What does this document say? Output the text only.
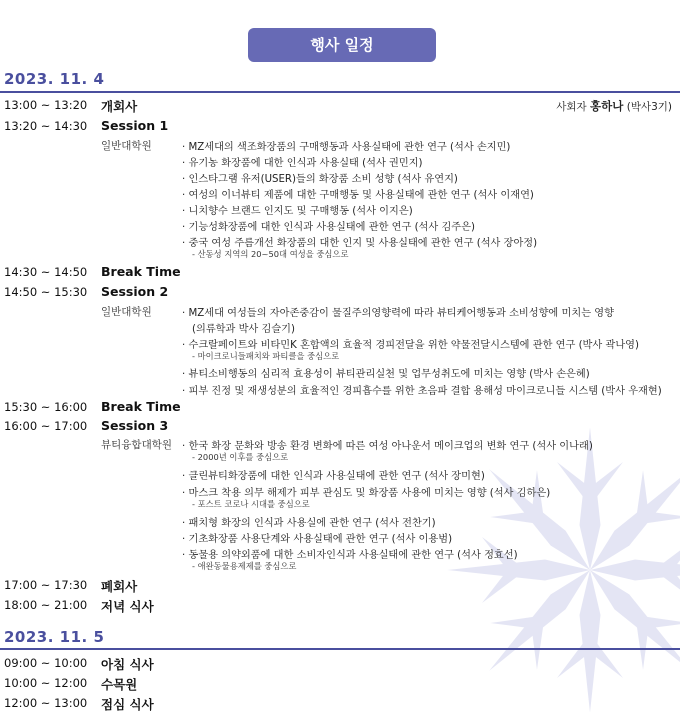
행사 일정
2023. 11. 4
13:00 ~ 13:20 개회사	사회자 홍하나 (박사3기)
13:20 ~ 14:30 Session 1
일반대학원	· MZ세대의 색조화장품의 구매행동과 사용실태에 관한 연구 (석사 손지민)
· 유기농 화장품에 대한 인식과 사용실태 (석사 권민지)
· 인스타그램 유저(USER)들의 화장품 소비 성향 (석사 유연지)
· 여성의 이너뷰티 제품에 대한 구매행동 및 사용실태에 관한 연구 (석사 이재연)
· 니치향수 브랜드 인지도 및 구매행동 (석사 이지은)
· 기능성화장품에 대한 인식과 사용실태에 관한 연구 (석사 김주은)
· 중국 여성 주름개선 화장품의 대한 인지 및 사용실태에 관한 연구 (석사 장아정)
- 산동성 지역의 20~50대 여성을 중심으로
14:30 ~ 14:50 Break Time
14:50 ~ 15:30 Session 2
일반대학원	· MZ세대 여성들의 자아존중감이 물질주의영향력에 따라 뷰티케어행동과 소비성향에 미치는 영향
(의류학과 박사 김슬기)
· 수크랄페이트와 비타민K 혼합액의 효율적 경피전달을 위한 약물전달시스템에 관한 연구 (박사 곽나영)
- 마이크로니들패치와 파티클을 중심으로
· 뷰티소비행동의 심리적 효용성이 뷰티관리실천 및 업무성취도에 미치는 영향 (박사 손은혜)
· 피부 진정 및 재생성분의 효율적인 경피흡수를 위한 초음파 결합 용해성 마이크로니들 시스템 (박사 우재현)
15:30 ~ 16:00 Break Time
16:00 ~ 17:00 Session 3
뷰티융합대학원 · 한국 화장 문화와 방송 환경 변화에 따른 여성 아나운서 메이크업의 변화 연구 (석사 이나래)
- 2000년 이후를 중심으로
· 클린뷰티화장품에 대한 인식과 사용실태에 관한 연구 (석사 장미현)
· 마스크 착용 의무 해제가 피부 관심도 및 화장품 사용에 미치는 영향 (석사 김하은)
- 포스트 코로나 시대를 중심으로
· 패치형 화장의 인식과 사용실에 관한 연구 (석사 전찬기)
· 기초화장품 사용단계와 사용실태에 관한 연구 (석사 이용범)
· 동물용 의약외품에 대한 소비자인식과 사용실태에 관한 연구 (석사 정효선)
- 애완동물용제제를 중심으로
17:00 ~ 17:30 폐회사
18:00 ~ 21:00 저녁 식사
2023. 11. 5
09:00 ~ 10:00 아침 식사
10:00 ~ 12:00 수목원
12:00 ~ 13:00 점심 식사
